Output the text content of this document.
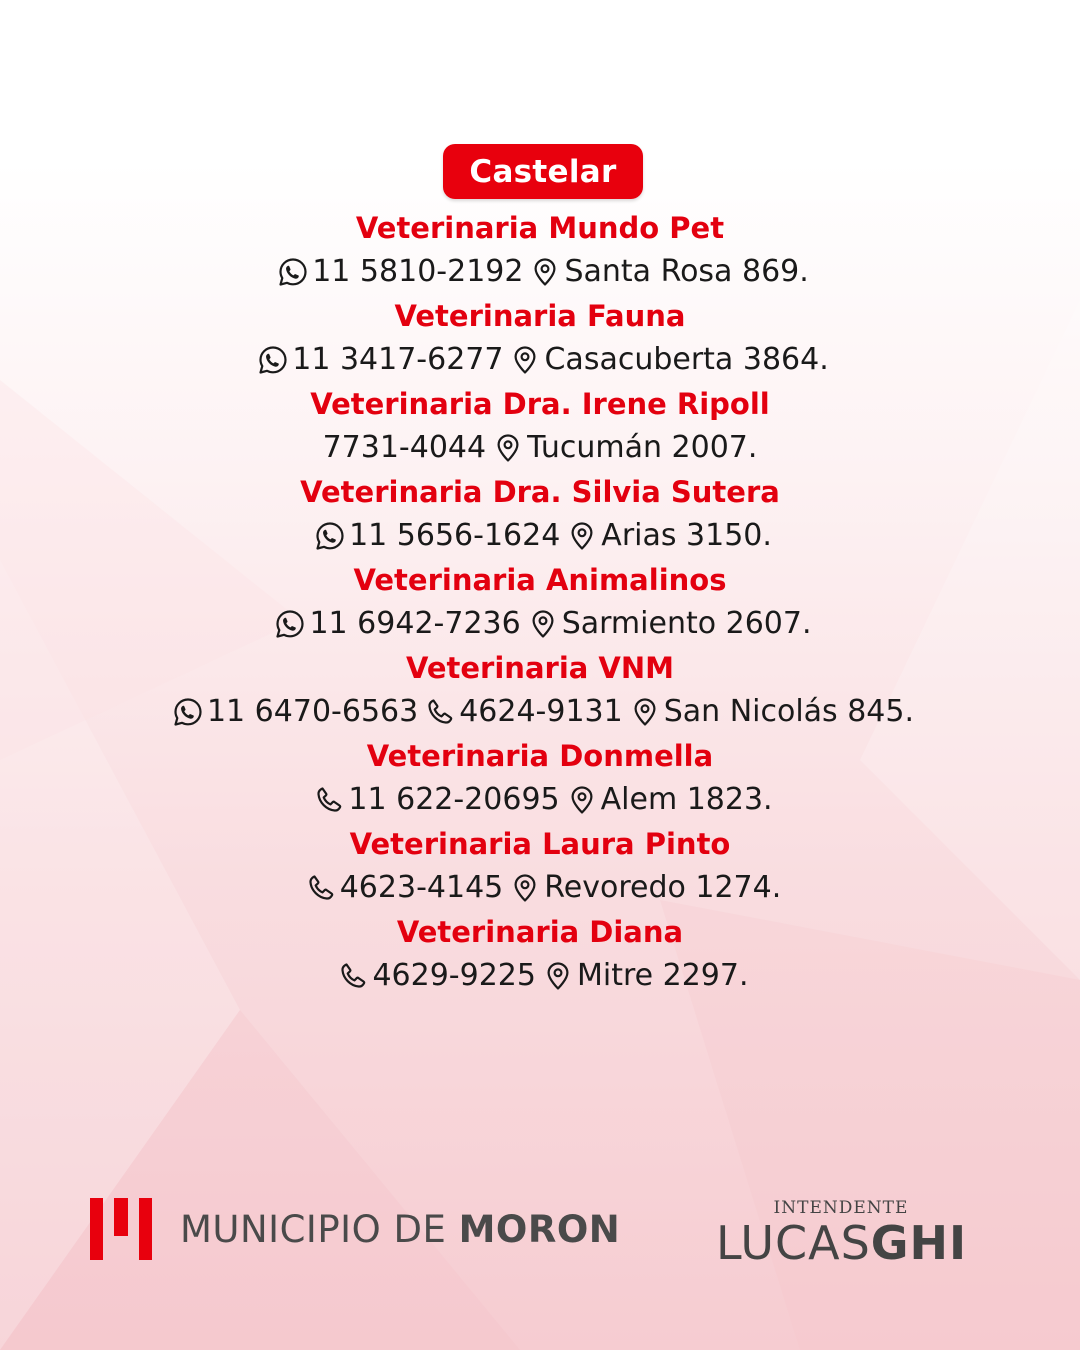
Castelar
Veterinaria Mundo Pet
11 5810-2192 Santa Rosa 869.
Veterinaria Fauna
11 3417-6277 Casacuberta 3864.
Veterinaria Dra. Irene Ripoll
7731-4044 Tucumán 2007.
Veterinaria Dra. Silvia Sutera
11 5656-1624 Arias 3150.
Veterinaria Animalinos
11 6942-7236 Sarmiento 2607.
Veterinaria VNM
11 6470-6563 4624-9131 San Nicolás 845.
Veterinaria Donmella
11 622-20695 Alem 1823.
Veterinaria Laura Pinto
4623-4145 Revoredo 1274.
Veterinaria Diana
4629-9225 Mitre 2297.
MUNICIPIO DE MORON	INTENDENTE
LUCASGHI
